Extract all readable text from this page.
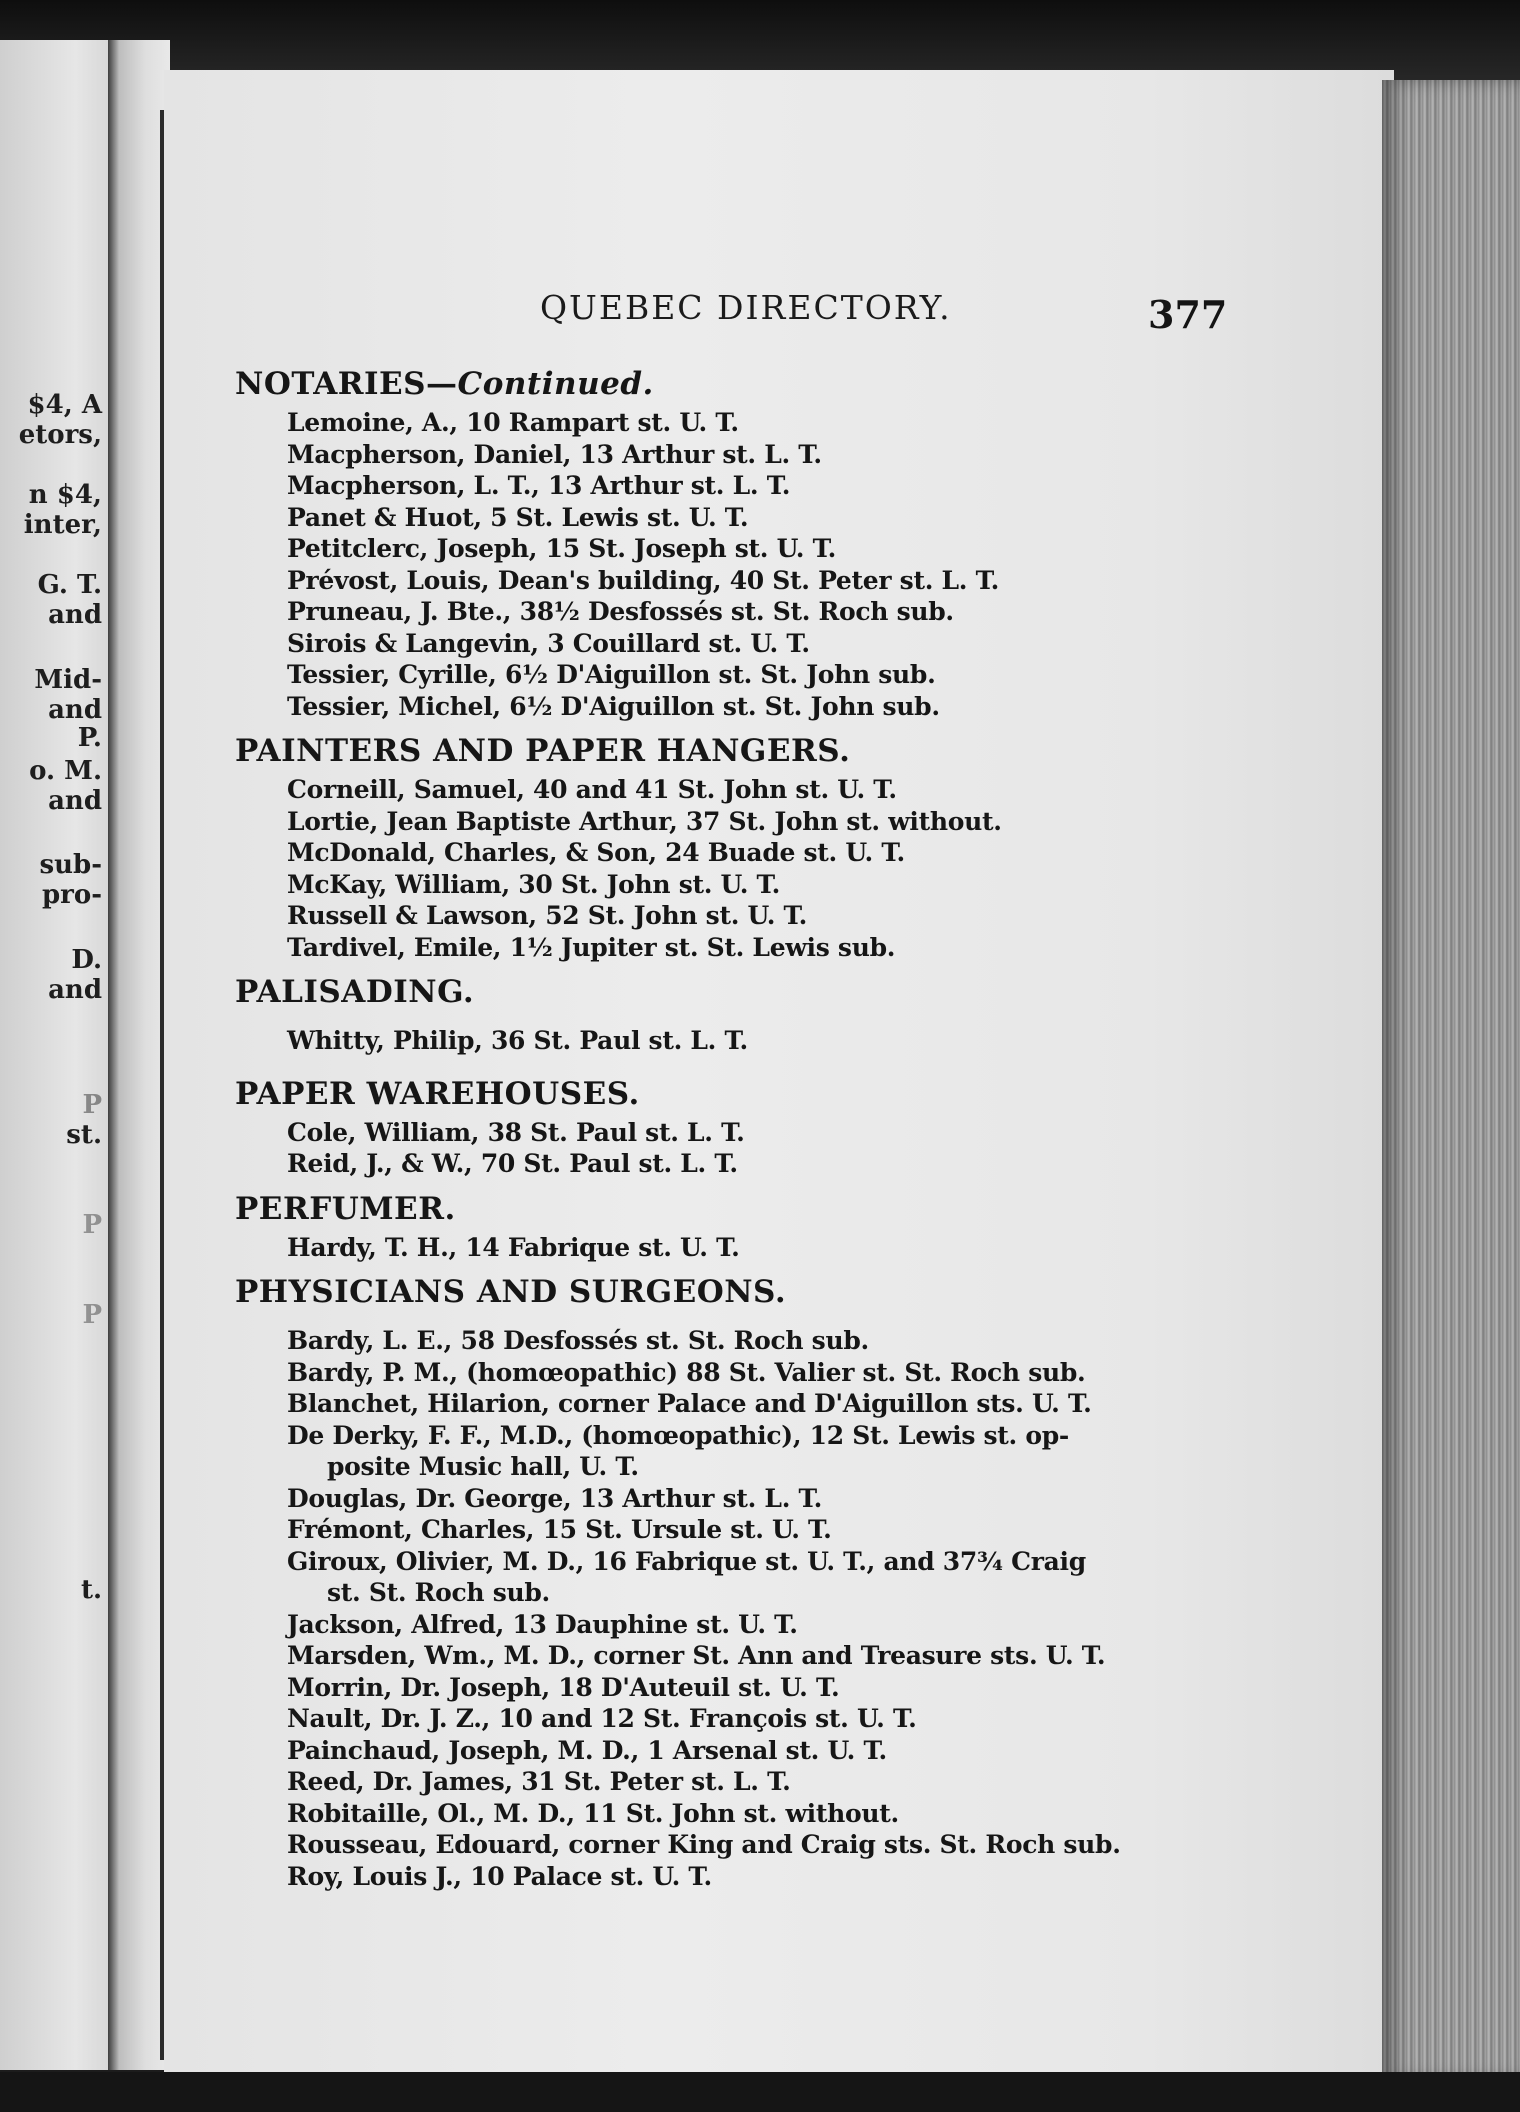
$4, A
etors,
n $4,
inter,
G. T.
and
Mid-
and
P.
o. M.
and
sub-
pro-
D.
and
P
st.
P
P
t.
QUEBEC DIRECTORY.	377
NOTARIES—Continued.
Lemoine, A., 10 Rampart st. U. T.
Macpherson, Daniel, 13 Arthur st. L. T.
Macpherson, L. T., 13 Arthur st. L. T.
Panet & Huot, 5 St. Lewis st. U. T.
Petitclerc, Joseph, 15 St. Joseph st. U. T.
Prévost, Louis, Dean's building, 40 St. Peter st. L. T.
Pruneau, J. Bte., 38½ Desfossés st. St. Roch sub.
Sirois & Langevin, 3 Couillard st. U. T.
Tessier, Cyrille, 6½ D'Aiguillon st. St. John sub.
Tessier, Michel, 6½ D'Aiguillon st. St. John sub.
PAINTERS AND PAPER HANGERS.
Corneill, Samuel, 40 and 41 St. John st. U. T.
Lortie, Jean Baptiste Arthur, 37 St. John st. without.
McDonald, Charles, & Son, 24 Buade st. U. T.
McKay, William, 30 St. John st. U. T.
Russell & Lawson, 52 St. John st. U. T.
Tardivel, Emile, 1½ Jupiter st. St. Lewis sub.
PALISADING.
Whitty, Philip, 36 St. Paul st. L. T.
PAPER WAREHOUSES.
Cole, William, 38 St. Paul st. L. T.
Reid, J., & W., 70 St. Paul st. L. T.
PERFUMER.
Hardy, T. H., 14 Fabrique st. U. T.
PHYSICIANS AND SURGEONS.
Bardy, L. E., 58 Desfossés st. St. Roch sub.
Bardy, P. M., (homœopathic) 88 St. Valier st. St. Roch sub.
Blanchet, Hilarion, corner Palace and D'Aiguillon sts. U. T.
De Derky, F. F., M.D., (homœopathic), 12 St. Lewis st. op-
posite Music hall, U. T.
Douglas, Dr. George, 13 Arthur st. L. T.
Frémont, Charles, 15 St. Ursule st. U. T.
Giroux, Olivier, M. D., 16 Fabrique st. U. T., and 37¾ Craig
st. St. Roch sub.
Jackson, Alfred, 13 Dauphine st. U. T.
Marsden, Wm., M. D., corner St. Ann and Treasure sts. U. T.
Morrin, Dr. Joseph, 18 D'Auteuil st. U. T.
Nault, Dr. J. Z., 10 and 12 St. François st. U. T.
Painchaud, Joseph, M. D., 1 Arsenal st. U. T.
Reed, Dr. James, 31 St. Peter st. L. T.
Robitaille, Ol., M. D., 11 St. John st. without.
Rousseau, Edouard, corner King and Craig sts. St. Roch sub.
Roy, Louis J., 10 Palace st. U. T.
